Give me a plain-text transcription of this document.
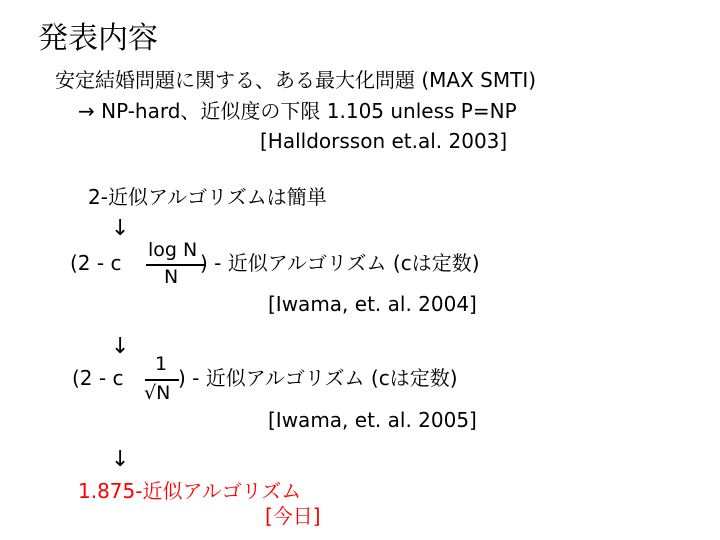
発表内容
安定結婚問題に関する、ある最大化問題 (MAX SMTI)
→ NP-hard、近似度の下限 1.105 unless P=NP
[Halldorsson et.al. 2003]
2-近似アルゴリズムは簡単
↓
(2 - c
log N
N
) - 近似アルゴリズム (cは定数)
[Iwama, et. al. 2004]
↓
(2 - c
1
√N
) - 近似アルゴリズム (cは定数)
[Iwama, et. al. 2005]
↓
1.875-近似アルゴリズム
[今日]
